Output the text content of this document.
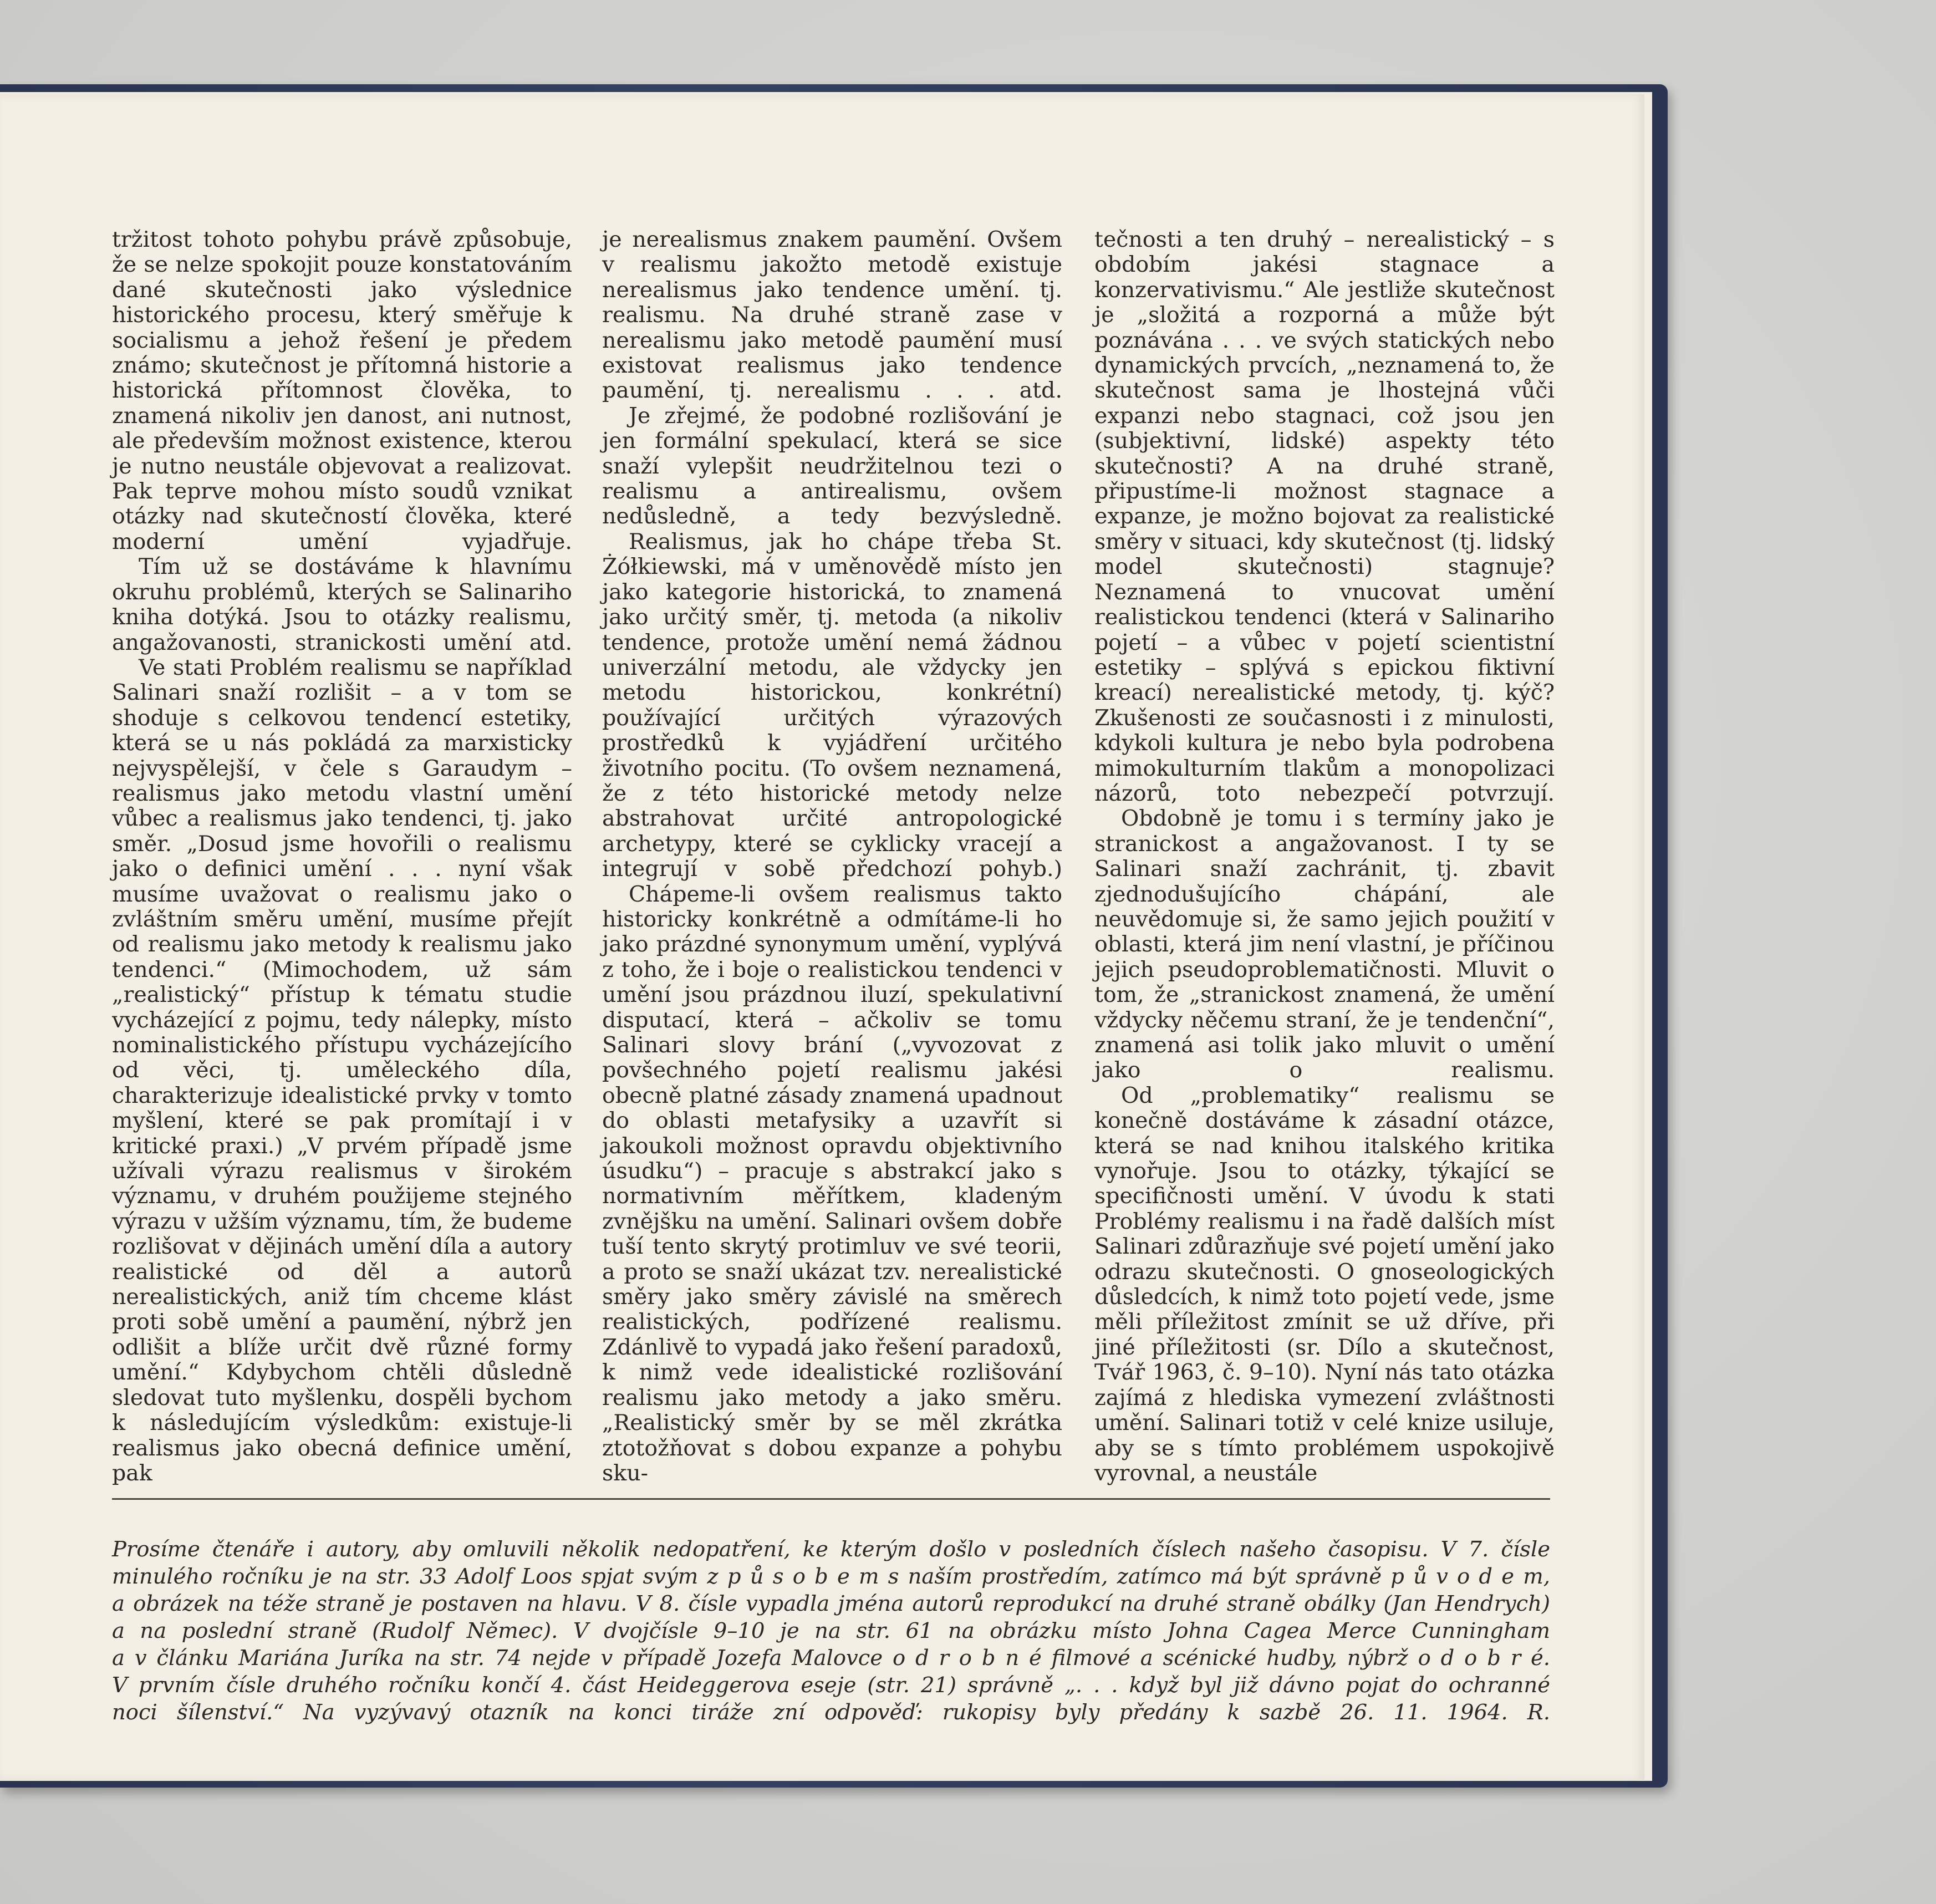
tržitost tohoto pohybu právě způsobuje, že se nelze spokojit pouze konstatováním dané skutečnosti jako výslednice historického procesu, který směřuje k socialismu a jehož řešení je předem známo; skutečnost je přítomná historie a historická přítomnost člověka, to znamená nikoliv jen danost, ani nutnost, ale především možnost existence, kterou je nutno neustále objevovat a realizovat. Pak teprve mohou místo soudů vznikat otázky nad skutečností člověka, které moderní umění vyjadřuje.

Tím už se dostáváme k hlavnímu okruhu problémů, kterých se Salinariho kniha dotýká. Jsou to otázky realismu, angažovanosti, stranickosti umění atd.

Ve stati Problém realismu se například Salinari snaží rozlišit – a v tom se shoduje s celkovou tendencí estetiky, která se u nás pokládá za marxisticky nejvyspělejší, v čele s Garaudym – realismus jako metodu vlastní umění vůbec a realismus jako tendenci, tj. jako směr. „Dosud jsme hovořili o realismu jako o definici umění . . . nyní však musíme uvažovat o realismu jako o zvláštním směru umění, musíme přejít od realismu jako metody k realismu jako tendenci.“ (Mimochodem, už sám „realistický“ přístup k tématu studie vycházející z pojmu, tedy nálepky, místo nominalistického přístupu vycházejícího od věci, tj. uměleckého díla, charakterizuje idealistické prvky v tomto myšlení, které se pak promítají i v kritické praxi.) „V prvém případě jsme užívali výrazu realismus v širokém významu, v druhém použijeme stejného výrazu v užším významu, tím, že budeme rozlišovat v dějinách umění díla a autory realistické od děl a autorů nerealistických, aniž tím chceme klást proti sobě umění a paumění, nýbrž jen odlišit a blíže určit dvě různé formy umění.“ Kdybychom chtěli důsledně sledovat tuto myšlenku, dospěli bychom k následujícím výsledkům: existuje-li realismus jako obecná definice umění, pak

je nerealismus znakem paumění. Ovšem v realismu jakožto metodě existuje nerealismus jako tendence umění. tj. realismu. Na druhé straně zase v nerealismu jako metodě paumění musí existovat realismus jako tendence paumění, tj. nerealismu . . . atd.

Je zřejmé, že podobné rozlišování je jen formální spekulací, která se sice snaží vylepšit neudržitelnou tezi o realismu a antirealismu, ovšem nedůsledně, a tedy bezvýsledně.

Realismus, jak ho chápe třeba St. Żółkiewski, má v uměnovědě místo jen jako kategorie historická, to znamená jako určitý směr, tj. metoda (a nikoliv tendence, protože umění nemá žádnou univerzální metodu, ale vždycky jen metodu historickou, konkrétní) používající určitých výrazových prostředků k vyjádření určitého životního pocitu. (To ovšem neznamená, že z této historické metody nelze abstrahovat určité antropologické archetypy, které se cyklicky vracejí a integrují v sobě předchozí pohyb.)

Chápeme-li ovšem realismus takto historicky konkrétně a odmítáme-li ho jako prázdné synonymum umění, vyplývá z toho, že i boje o realistickou tendenci v umění jsou prázdnou iluzí, spekulativní disputací, která – ačkoliv se tomu Salinari slovy brání („vyvozovat z povšechného pojetí realismu jakési obecně platné zásady znamená upadnout do oblasti metafysiky a uzavřít si jakoukoli možnost opravdu objektivního úsudku“) – pracuje s abstrakcí jako s normativním měřítkem, kladeným zvnějšku na umění. Salinari ovšem dobře tuší tento skrytý protimluv ve své teorii, a proto se snaží ukázat tzv. nerealistické směry jako směry závislé na směrech realistických, podřízené realismu. Zdánlivě to vypadá jako řešení paradoxů, k nimž vede idealistické rozlišování realismu jako metody a jako směru. „Realistický směr by se měl zkrátka ztotožňovat s dobou expanze a pohybu sku-

tečnosti a ten druhý – nerealistický – s obdobím jakési stagnace a konzervativismu.“ Ale jestliže skutečnost je „složitá a rozporná a může být poznávána . . . ve svých statických nebo dynamických prvcích, „neznamená to, že skutečnost sama je lhostejná vůči expanzi nebo stagnaci, což jsou jen (subjektivní, lidské) aspekty této skutečnosti? A na druhé straně, připustíme-li možnost stagnace a expanze, je možno bojovat za realistické směry v situaci, kdy skutečnost (tj. lidský model skutečnosti) stagnuje? Neznamená to vnucovat umění realistickou tendenci (která v Salinariho pojetí – a vůbec v pojetí scientistní estetiky – splývá s epickou fiktivní kreací) nerealistické metody, tj. kýč? Zkušenosti ze současnosti i z minulosti, kdykoli kultura je nebo byla podrobena mimokulturním tlakům a monopolizaci názorů, toto nebezpečí potvrzují.

Obdobně je tomu i s termíny jako je stranickost a angažovanost. I ty se Salinari snaží zachránit, tj. zbavit zjednodušujícího chápání, ale neuvědomuje si, že samo jejich použití v oblasti, která jim není vlastní, je příčinou jejich pseudoproblematičnosti. Mluvit o tom, že „stranickost znamená, že umění vždycky něčemu straní, že je tendenční“, znamená asi tolik jako mluvit o umění jako o realismu.

Od „problematiky“ realismu se konečně dostáváme k zásadní otázce, která se nad knihou italského kritika vynořuje. Jsou to otázky, týkající se specifičnosti umění. V úvodu k stati Problémy realismu i na řadě dalších míst Salinari zdůrazňuje své pojetí umění jako odrazu skutečnosti. O gnoseologických důsledcích, k nimž toto pojetí vede, jsme měli příležitost zmínit se už dříve, při jiné příležitosti (sr. Dílo a skutečnost, Tvář 1963, č. 9–10). Nyní nás tato otázka zajímá z hlediska vymezení zvláštnosti umění. Salinari totiž v celé knize usiluje, aby se s tímto problémem uspokojivě vyrovnal, a neustále

Prosíme čtenáře i autory, aby omluvili několik nedopatření, ke kterým došlo v posledních číslech našeho časopisu. V 7. čísle
minulého ročníku je na str. 33 Adolf Loos spjat svým z p ů s o b e m s naším prostředím, zatímco má být správně p ů v o d e m,
a obrázek na téže straně je postaven na hlavu. V 8. čísle vypadla jména autorů reprodukcí na druhé straně obálky (Jan Hendrych)
a na poslední straně (Rudolf Němec). V dvojčísle 9–10 je na str. 61 na obrázku místo Johna Cagea Merce Cunningham
a v článku Mariána Juríka na str. 74 nejde v případě Jozefa Malovce o d r o b n é filmové a scénické hudby, nýbrž o d o b r é.
V prvním čísle druhého ročníku končí 4. část Heideggerova eseje (str. 21) správně „. . . když byl již dávno pojat do ochranné
noci šílenství.“ Na vyzývavý otazník na konci tiráže zní odpověď: rukopisy byly předány k sazbě 26. 11. 1964. R.
